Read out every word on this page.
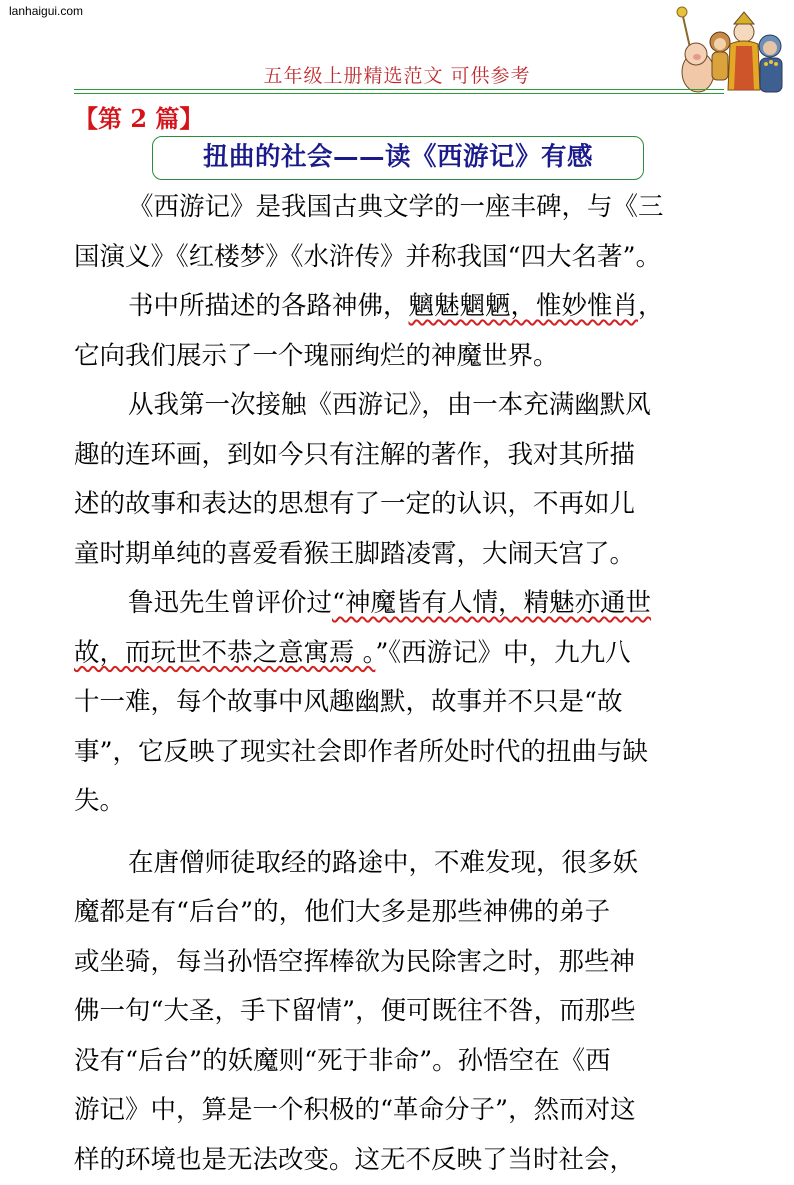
lanhaigui.com
五年级上册精选范文 可供参考
【第 2 篇】
扭曲的社会——读《西游记》有感
《西游记》是我国古典文学的一座丰碑，与《三
国演义》《红楼梦》《水浒传》并称我国“四大名著”。
书中所描述的各路神佛，魑魅魍魉，惟妙惟肖，
它向我们展示了一个瑰丽绚烂的神魔世界。
从我第一次接触《西游记》，由一本充满幽默风
趣的连环画，到如今只有注解的著作，我对其所描
述的故事和表达的思想有了一定的认识，不再如儿
童时期单纯的喜爱看猴王脚踏凌霄，大闹天宫了。
鲁迅先生曾评价过“神魔皆有人情，精魅亦通世
故，而玩世不恭之意寓焉 。”《西游记》中，九九八
十一难，每个故事中风趣幽默，故事并不只是“故
事”，它反映了现实社会即作者所处时代的扭曲与缺
失。
在唐僧师徒取经的路途中，不难发现，很多妖
魔都是有“后台”的，他们大多是那些神佛的弟子
或坐骑，每当孙悟空挥棒欲为民除害之时，那些神
佛一句“大圣，手下留情”，便可既往不咎，而那些
没有“后台”的妖魔则“死于非命”。孙悟空在《西
游记》中，算是一个积极的“革命分子”，然而对这
样的环境也是无法改变。这无不反映了当时社会，
